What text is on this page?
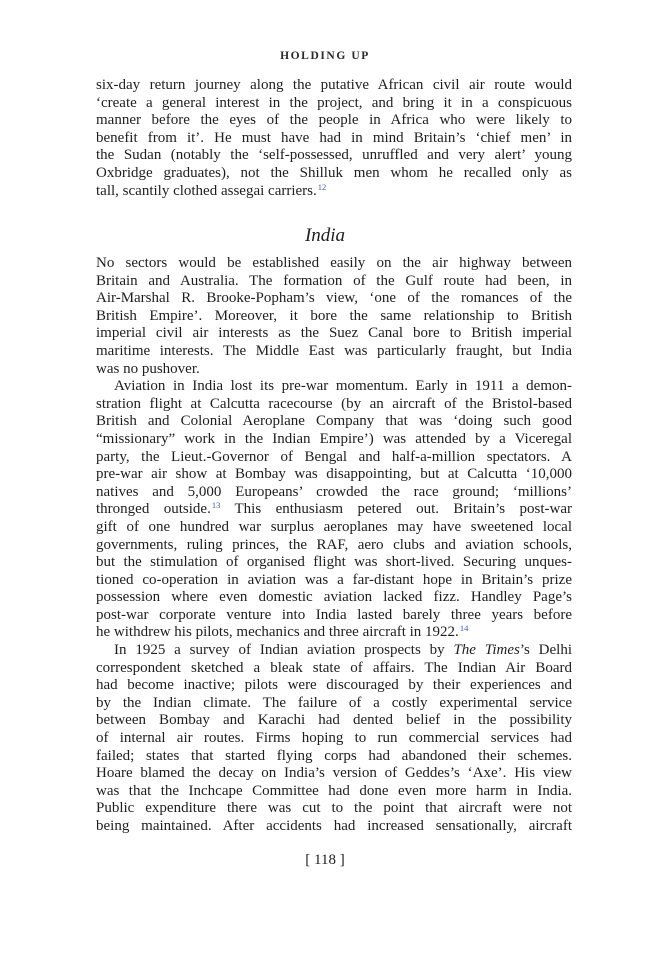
HOLDING UP
six-day return journey along the putative African civil air route would
‘create a general interest in the project, and bring it in a conspicuous
manner before the eyes of the people in Africa who were likely to
benefit from it’. He must have had in mind Britain’s ‘chief men’ in
the Sudan (notably the ‘self-possessed, unruffled and very alert’ young
Oxbridge graduates), not the Shilluk men whom he recalled only as
tall, scantily clothed assegai carriers.$^{12}$
India
No sectors would be established easily on the air highway between
Britain and Australia. The formation of the Gulf route had been, in
Air-Marshal R. Brooke-Popham’s view, ‘one of the romances of the
British Empire’. Moreover, it bore the same relationship to British
imperial civil air interests as the Suez Canal bore to British imperial
maritime interests. The Middle East was particularly fraught, but India
was no pushover.
Aviation in India lost its pre-war momentum. Early in 1911 a demon-
stration flight at Calcutta racecourse (by an aircraft of the Bristol-based
British and Colonial Aeroplane Company that was ‘doing such good
“missionary” work in the Indian Empire’) was attended by a Viceregal
party, the Lieut.-Governor of Bengal and half-a-million spectators. A
pre-war air show at Bombay was disappointing, but at Calcutta ‘10,000
natives and 5,000 Europeans’ crowded the race ground; ‘millions’
thronged outside.$^{13}$ This enthusiasm petered out. Britain’s post-war
gift of one hundred war surplus aeroplanes may have sweetened local
governments, ruling princes, the RAF, aero clubs and aviation schools,
but the stimulation of organised flight was short-lived. Securing unques-
tioned co-operation in aviation was a far-distant hope in Britain’s prize
possession where even domestic aviation lacked fizz. Handley Page’s
post-war corporate venture into India lasted barely three years before
he withdrew his pilots, mechanics and three aircraft in 1922.14
In 1925 a survey of Indian aviation prospects by The Times’s Delhi
correspondent sketched a bleak state of affairs. The Indian Air Board
had become inactive; pilots were discouraged by their experiences and
by the Indian climate. The failure of a costly experimental service
between Bombay and Karachi had dented belief in the possibility
of internal air routes. Firms hoping to run commercial services had
failed; states that started flying corps had abandoned their schemes.
Hoare blamed the decay on India’s version of Geddes’s ‘Axe’. His view
was that the Inchcape Committee had done even more harm in India.
Public expenditure there was cut to the point that aircraft were not
being maintained. After accidents had increased sensationally, aircraft
[ 118 ]
